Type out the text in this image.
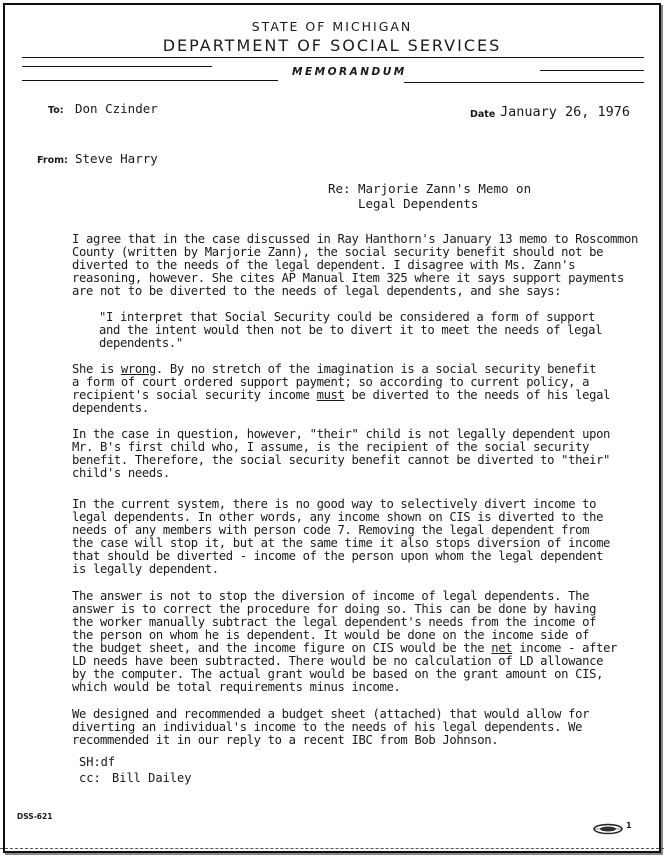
STATE OF MICHIGAN
DEPARTMENT OF SOCIAL SERVICES
MEMORANDUM
To: Don Czinder	Date January 26, 1976
From: Steve Harry
Re: Marjorie Zann's Memo on
Legal Dependents

I agree that in the case discussed in Ray Hanthorn's January 13 memo to Roscommon

County (written by Marjorie Zann), the social security benefit should not be

diverted to the needs of the legal dependent. I disagree with Ms. Zann's

reasoning, however. She cites AP Manual Item 325 where it says support payments

are not to be diverted to the needs of legal dependents, and she says:

"I interpret that Social Security could be considered a form of support

and the intent would then not be to divert it to meet the needs of legal

dependents."

She is wrong. By no stretch of the imagination is a social security benefit

a form of court ordered support payment; so according to current policy, a

recipient's social security income must be diverted to the needs of his legal

dependents.

In the case in question, however, "their" child is not legally dependent upon

Mr. B's first child who, I assume, is the recipient of the social security

benefit. Therefore, the social security benefit cannot be diverted to "their"

child's needs.

In the current system, there is no good way to selectively divert income to

legal dependents. In other words, any income shown on CIS is diverted to the

needs of any members with person code 7. Removing the legal dependent from

the case will stop it, but at the same time it also stops diversion of income

that should be diverted - income of the person upon whom the legal dependent

is legally dependent.

The answer is not to stop the diversion of income of legal dependents. The

answer is to correct the procedure for doing so. This can be done by having

the worker manually subtract the legal dependent's needs from the income of

the person on whom he is dependent. It would be done on the income side of

the budget sheet, and the income figure on CIS would be the net income - after

LD needs have been subtracted. There would be no calculation of LD allowance

by the computer. The actual grant would be based on the grant amount on CIS,

which would be total requirements minus income.

We designed and recommended a budget sheet (attached) that would allow for

diverting an individual's income to the needs of his legal dependents. We

recommended it in our reply to a recent IBC from Bob Johnson.

SH:df
cc: Bill Dailey
DSS-621
1
